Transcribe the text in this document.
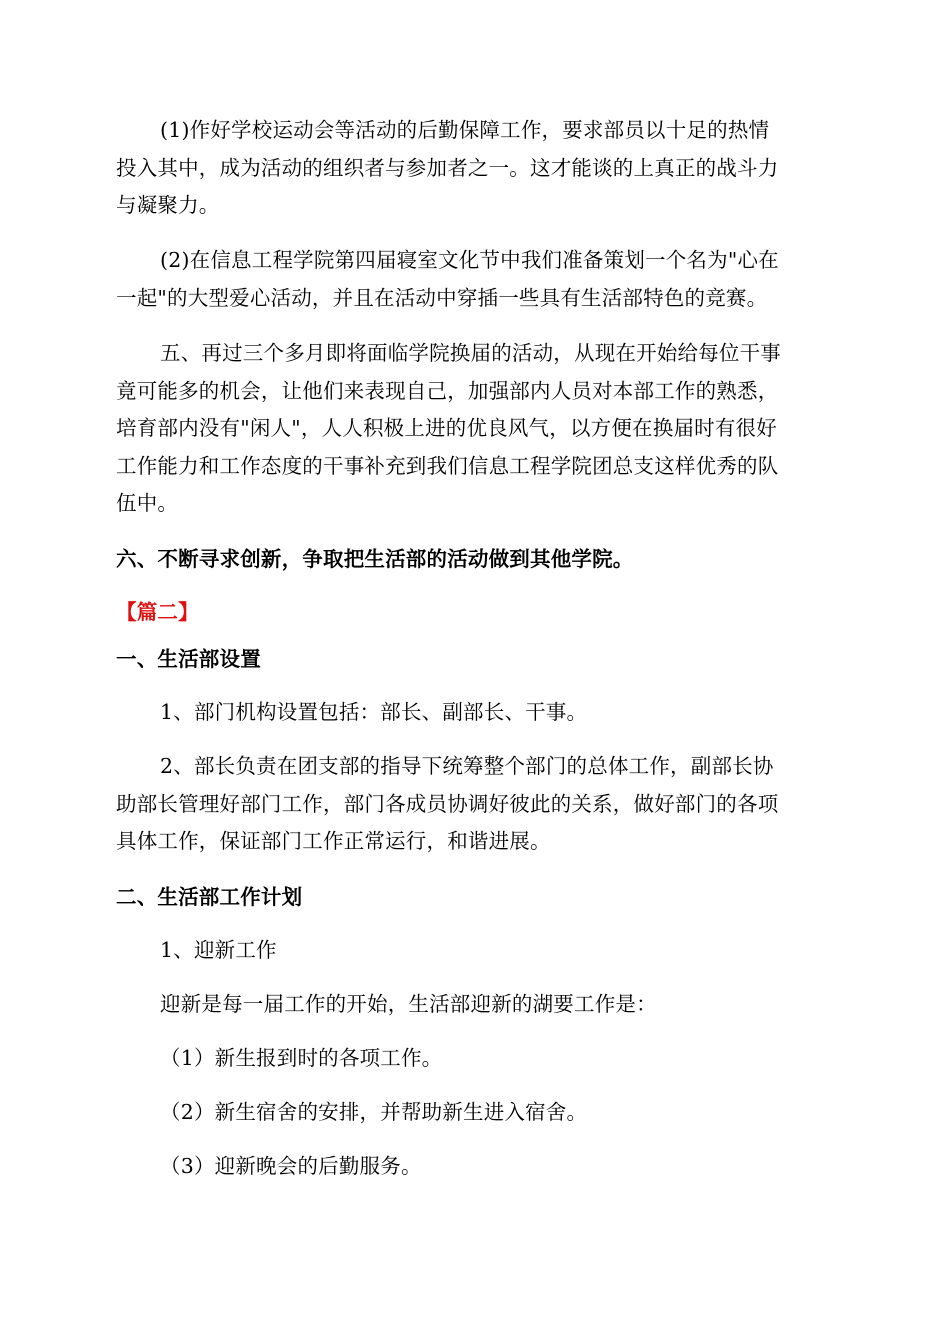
(1)作好学校运动会等活动的后勤保障工作，要求部员以十足的热情
投入其中，成为活动的组织者与参加者之一。这才能谈的上真正的战斗力
与凝聚力。
(2)在信息工程学院第四届寝室文化节中我们准备策划一个名为"心在
一起"的大型爱心活动，并且在活动中穿插一些具有生活部特色的竞赛。
五、再过三个多月即将面临学院换届的活动，从现在开始给每位干事
竟可能多的机会，让他们来表现自己，加强部内人员对本部工作的熟悉，
培育部内没有"闲人"，人人积极上进的优良风气，以方便在换届时有很好
工作能力和工作态度的干事补充到我们信息工程学院团总支这样优秀的队
伍中。
六、不断寻求创新，争取把生活部的活动做到其他学院。
【篇二】
一、生活部设置
1、部门机构设置包括：部长、副部长、干事。
2、部长负责在团支部的指导下统筹整个部门的总体工作，副部长协
助部长管理好部门工作，部门各成员协调好彼此的关系，做好部门的各项
具体工作，保证部门工作正常运行，和谐进展。
二、生活部工作计划
1、迎新工作
迎新是每一届工作的开始，生活部迎新的湖要工作是：
（1）新生报到时的各项工作。
（2）新生宿舍的安排，并帮助新生进入宿舍。
（3）迎新晚会的后勤服务。
